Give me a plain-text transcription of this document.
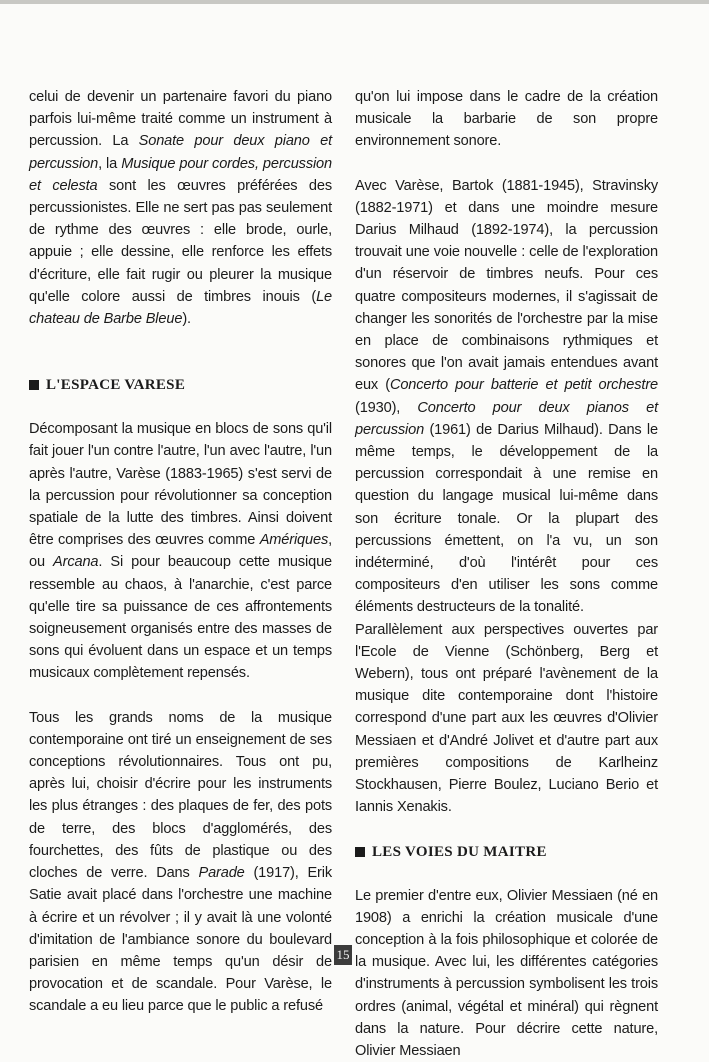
celui de devenir un partenaire favori du piano parfois lui-même traité comme un instrument à percussion. La Sonate pour deux piano et percussion, la Musique pour cordes, percussion et celesta sont les œuvres préférées des percussionistes. Elle ne sert pas pas seulement de rythme des œuvres : elle brode, ourle, appuie ; elle dessine, elle renforce les effets d'écriture, elle fait rugir ou pleurer la musique qu'elle colore aussi de timbres inouis (Le chateau de Barbe Bleue).

L'ESPACE VARESE

Décomposant la musique en blocs de sons qu'il fait jouer l'un contre l'autre, l'un avec l'autre, l'un après l'autre, Varèse (1883-1965) s'est servi de la percussion pour révolutionner sa conception spatiale de la lutte des timbres. Ainsi doivent être comprises des œuvres comme Amériques, ou Arcana. Si pour beaucoup cette musique ressemble au chaos, à l'anarchie, c'est parce qu'elle tire sa puissance de ces affrontements soigneusement organisés entre des masses de sons qui évoluent dans un espace et un temps musicaux complètement repensés.

Tous les grands noms de la musique contemporaine ont tiré un enseignement de ses conceptions révolutionnaires. Tous ont pu, après lui, choisir d'écrire pour les instruments les plus étranges : des plaques de fer, des pots de terre, des blocs d'agglomérés, des fourchettes, des fûts de plastique ou des cloches de verre. Dans Parade (1917), Erik Satie avait placé dans l'orchestre une machine à écrire et un révolver ; il y avait là une volonté d'imitation de l'ambiance sonore du boulevard parisien en même temps qu'un désir de provocation et de scandale. Pour Varèse, le scandale a eu lieu parce que le public a refusé

qu'on lui impose dans le cadre de la création musicale la barbarie de son propre environnement sonore.

Avec Varèse, Bartok (1881-1945), Stravinsky (1882-1971) et dans une moindre mesure Darius Milhaud (1892-1974), la percussion trouvait une voie nouvelle : celle de l'exploration d'un réservoir de timbres neufs. Pour ces quatre compositeurs modernes, il s'agissait de changer les sonorités de l'orchestre par la mise en place de combinaisons rythmiques et sonores que l'on avait jamais entendues avant eux (Concerto pour batterie et petit orchestre (1930), Concerto pour deux pianos et percussion (1961) de Darius Milhaud). Dans le même temps, le développement de la percussion correspondait à une remise en question du langage musical lui-même dans son écriture tonale. Or la plupart des percussions émettent, on l'a vu, un son indéterminé, d'où l'intérêt pour ces compositeurs d'en utiliser les sons comme éléments destructeurs de la tonalité.

Parallèlement aux perspectives ouvertes par l'Ecole de Vienne (Schönberg, Berg et Webern), tous ont préparé l'avènement de la musique dite contemporaine dont l'histoire correspond d'une part aux les œuvres d'Olivier Messiaen et d'André Jolivet et d'autre part aux premières compositions de Karlheinz Stockhausen, Pierre Boulez, Luciano Berio et Iannis Xenakis.

LES VOIES DU MAITRE

Le premier d'entre eux, Olivier Messiaen (né en 1908) a enrichi la création musicale d'une conception à la fois philosophique et colorée de la musique. Avec lui, les différentes catégories d'instruments à percussion symbolisent les trois ordres (animal, végétal et minéral) qui règnent dans la nature. Pour décrire cette nature, Olivier Messiaen

15
